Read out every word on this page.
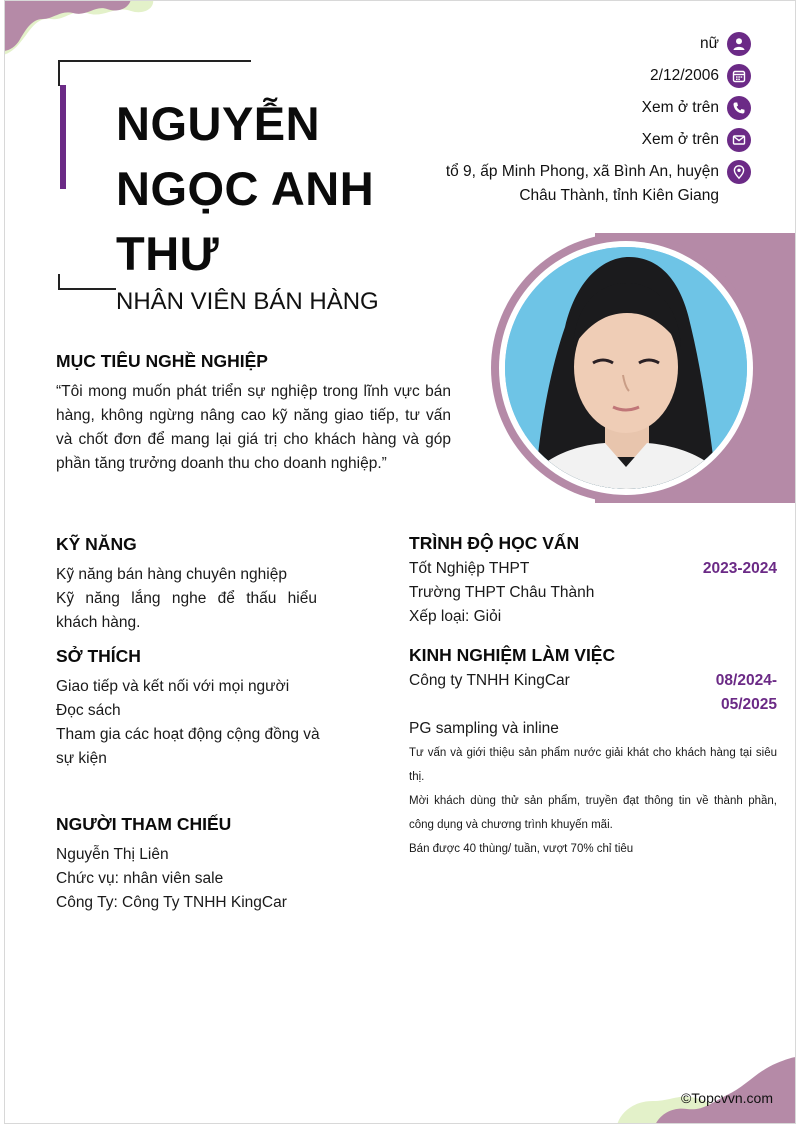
NGUYỄN
NGỌC ANH
THƯ
NHÂN VIÊN BÁN HÀNG
nữ
2/12/2006
Xem ở trên
Xem ở trên
tổ 9, ấp Minh Phong, xã Bình An, huyện Châu Thành, tỉnh Kiên Giang
MỤC TIÊU NGHỀ NGHIỆP
“Tôi mong muốn phát triển sự nghiệp trong lĩnh vực bán hàng, không ngừng nâng cao kỹ năng giao tiếp, tư vấn và chốt đơn để mang lại giá trị cho khách hàng và góp phần tăng trưởng doanh thu cho doanh nghiệp.”
KỸ NĂNG
Kỹ năng bán hàng chuyên nghiệp
Kỹ năng lắng nghe để thấu hiểu khách hàng.
SỞ THÍCH
Giao tiếp và kết nối với mọi người
Đọc sách
Tham gia các hoạt động cộng đồng và sự kiện
NGƯỜI THAM CHIẾU
Nguyễn Thị Liên
Chức vụ: nhân viên sale
Công Ty: Công Ty TNHH KingCar
TRÌNH ĐỘ HỌC VẤN
Tốt Nghiệp THPT	2023-2024
Trường THPT Châu Thành
Xếp loại: Giỏi
KINH NGHIỆM LÀM VIỆC
Công ty TNHH KingCar	08/2024-
05/2025
PG sampling và inline
Tư vấn và giới thiệu sản phẩm nước giải khát cho khách hàng tại siêu thị.
Mời khách dùng thử sản phẩm, truyền đạt thông tin về thành phần, công dụng và chương trình khuyến mãi.
Bán được 40 thùng/ tuần, vượt 70% chỉ tiêu
©Topcvvn.com
